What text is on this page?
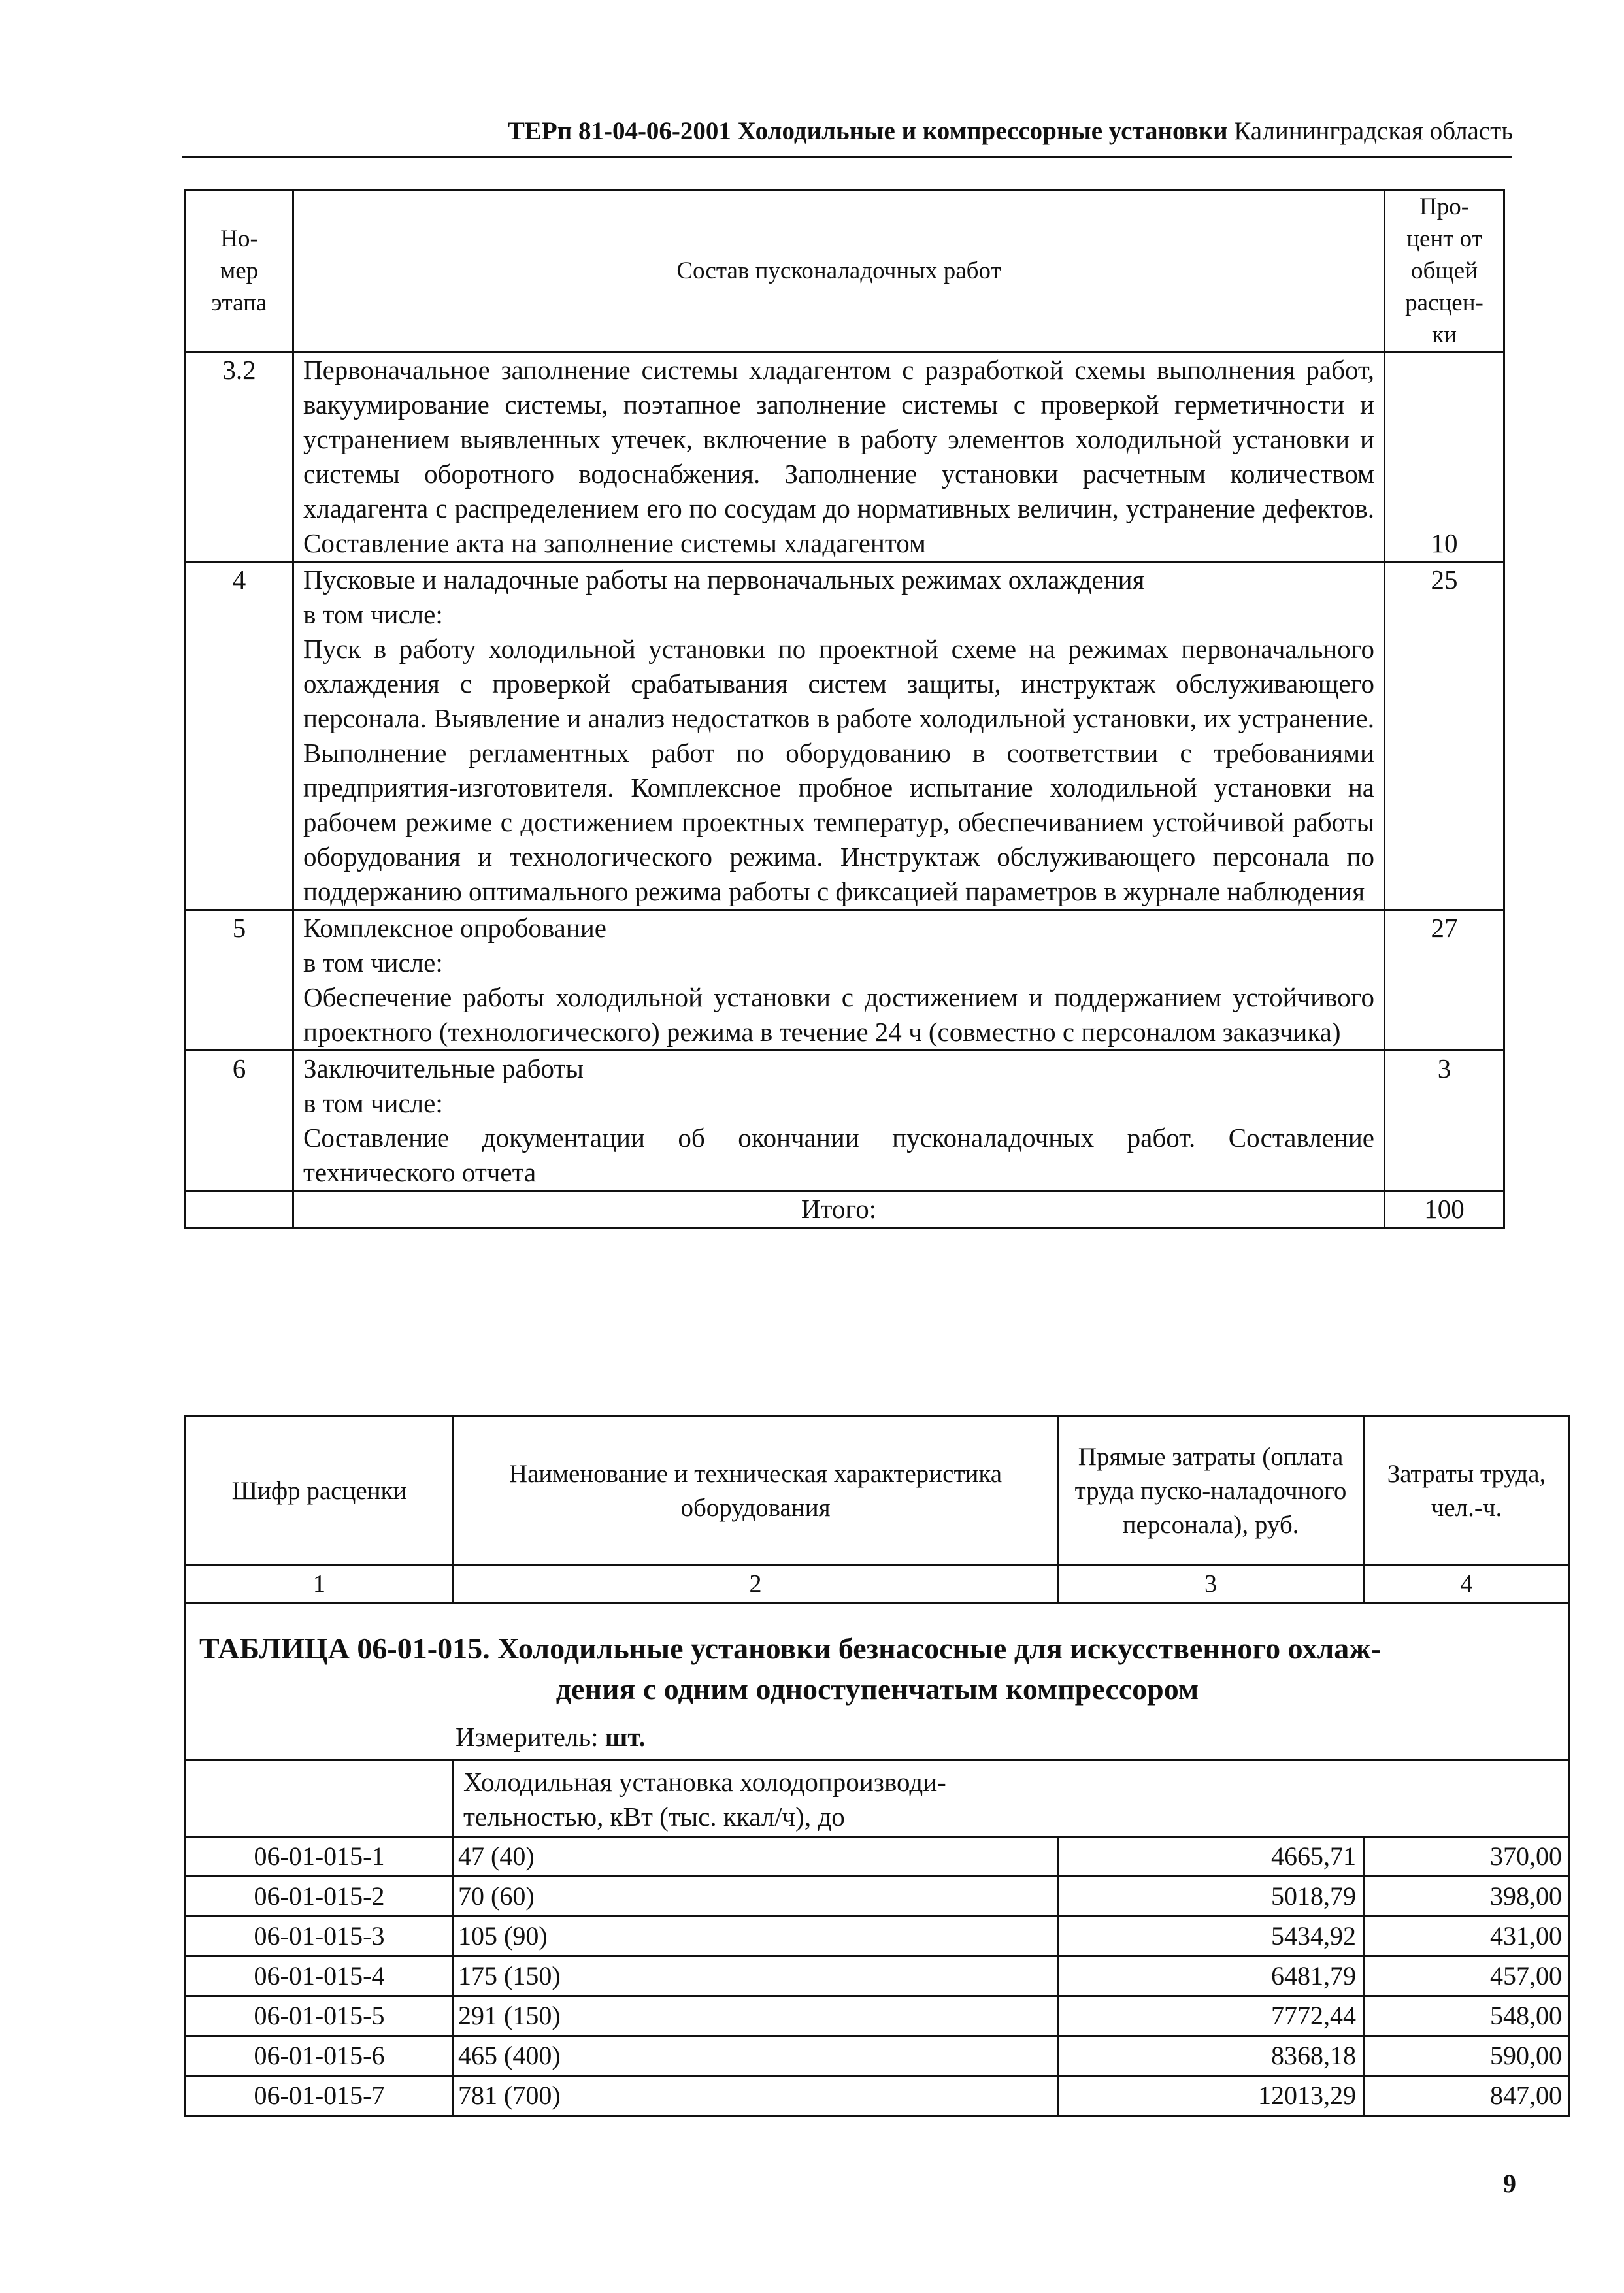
ТЕРп 81-04-06-2001 Холодильные и компрессорные установки Калининградская область
Но-
мер
этапа	Состав пусконаладочных работ	Про-
цент от
общей
расцен-
ки
3.2	Первоначальное заполнение системы хладагентом с разработкой схемы выполнения работ, вакуумирование системы, поэтапное заполнение системы с проверкой герметичности и устранением выявленных утечек, включение в работу элементов холодильной установки и системы оборотного водоснабжения. Заполнение установки расчетным количеством хладагента с распределением его по сосудам до нормативных величин, устранение дефектов. Составление акта на заполнение системы хладагентом	10
4	Пусковые и наладочные работы на первоначальных режимах охлаждения
в том числе:
Пуск в работу холодильной установки по проектной схеме на режимах первоначального охлаждения с проверкой срабатывания систем защиты, инструктаж обслуживающего персонала. Выявление и анализ недостатков в работе холодильной установки, их устранение. Выполнение регламентных работ по оборудованию в соответствии с требованиями предприятия-изготовителя. Комплексное пробное испытание холодильной установки на рабочем режиме с достижением проектных температур, обеспечиванием устойчивой работы оборудования и технологического режима. Инструктаж обслуживающего персонала по поддержанию оптимального режима работы с фиксацией параметров в журнале наблюдения	25
5	Комплексное опробование
в том числе:
Обеспечение работы холодильной установки с достижением и поддержанием устойчивого проектного (технологического) режима в течение 24 ч (совместно с персоналом заказчика)	27
6	Заключительные работы
в том числе:
Составление документации об окончании пусконаладочных работ. Составление технического отчета	3
	Итого:	100
Шифр расценки	Наименование и техническая характеристика оборудования	Прямые затраты (оплата труда пуско-наладочного персонала), руб.	Затраты труда, чел.-ч.
1	2	3	4

ТАБЛИЦА 06-01-015. Холодильные установки безнасосные для искусственного охлаж-
дения с одним одноступенчатым компрессором
Измеритель: шт.			

	Холодильная установка холодопроизводи-
тельностью, кВт (тыс. ккал/ч), до		
06-01-015-1	47 (40)	4665,71	370,00
06-01-015-2	70 (60)	5018,79	398,00
06-01-015-3	105 (90)	5434,92	431,00
06-01-015-4	175 (150)	6481,79	457,00
06-01-015-5	291 (150)	7772,44	548,00
06-01-015-6	465 (400)	8368,18	590,00
06-01-015-7	781 (700)	12013,29	847,00
9
